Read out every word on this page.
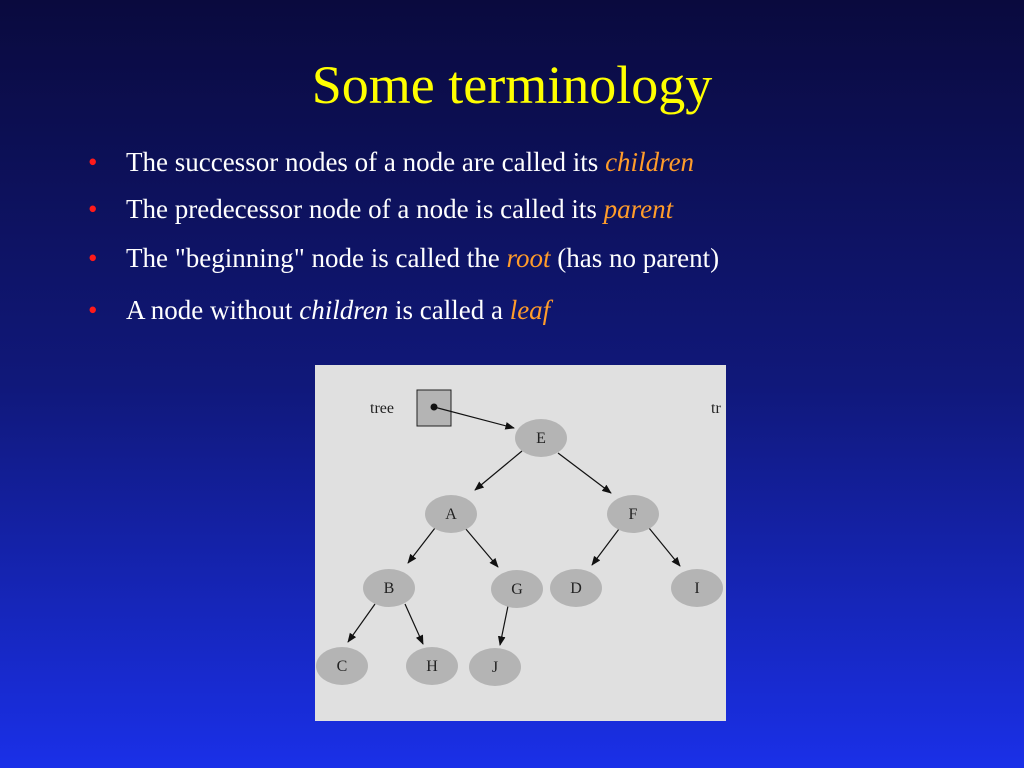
Some terminology
• The successor nodes of a node are called its children
• The predecessor node of a node is called its parent
• The "beginning" node is called the root (has no parent)
• A node without children is called a leaf
tree	tr
E
A	F
B	G	D	I
C	H	J
